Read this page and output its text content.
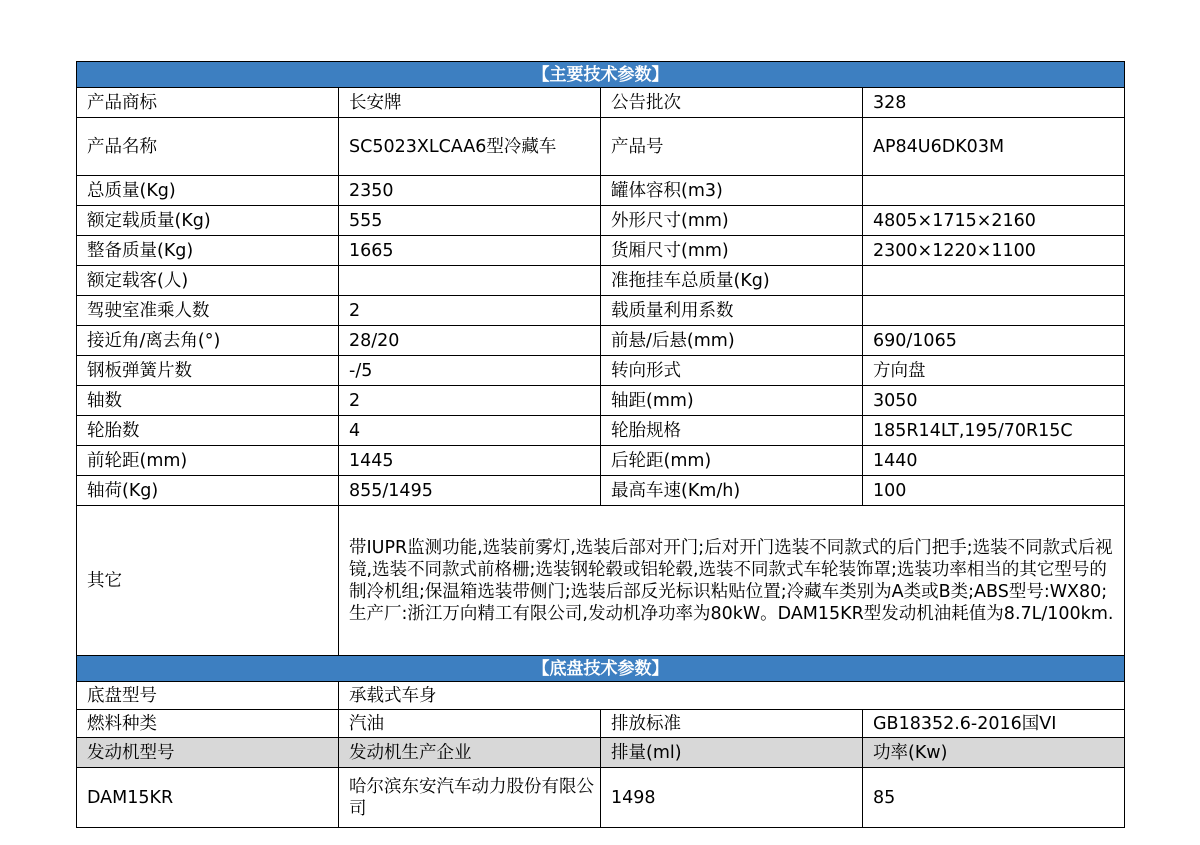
【主要技术参数】			
产品商标	长安牌	公告批次	328
产品名称	SC5023XLCAA6型冷藏车	产品号	AP84U6DK03M
总质量(Kg)	2350	罐体容积(m3)	
额定载质量(Kg)	555	外形尺寸(mm)	4805×1715×2160
整备质量(Kg)	1665	货厢尺寸(mm)	2300×1220×1100
额定载客(人)		准拖挂车总质量(Kg)	
驾驶室准乘人数	2	载质量利用系数	
接近角/离去角(°)	28/20	前悬/后悬(mm)	690/1065
钢板弹簧片数	-/5	转向形式	方向盘
轴数	2	轴距(mm)	3050
轮胎数	4	轮胎规格	185R14LT,195/70R15C
前轮距(mm)	1445	后轮距(mm)	1440
轴荷(Kg)	855/1495	最高车速(Km/h)	100
其它	带IUPR监测功能,选装前雾灯,选装后部对开门;后对开门选装不同款式的后门把手;选装不同款式后视镜,选装不同款式前格栅;选装钢轮毂或铝轮毂,选装不同款式车轮装饰罩;选装功率相当的其它型号的制冷机组;保温箱选装带侧门;选装后部反光标识粘贴位置;冷藏车类别为A类或B类;ABS型号:WX80;生产厂:浙江万向精工有限公司,发动机净功率为80kW。DAM15KR型发动机油耗值为8.7L/100km.		
【底盘技术参数】			
底盘型号	承载式车身		
燃料种类	汽油	排放标准	GB18352.6-2016国VI
发动机型号	发动机生产企业	排量(ml)	功率(Kw)
DAM15KR	哈尔滨东安汽车动力股份有限公司	1498	85
